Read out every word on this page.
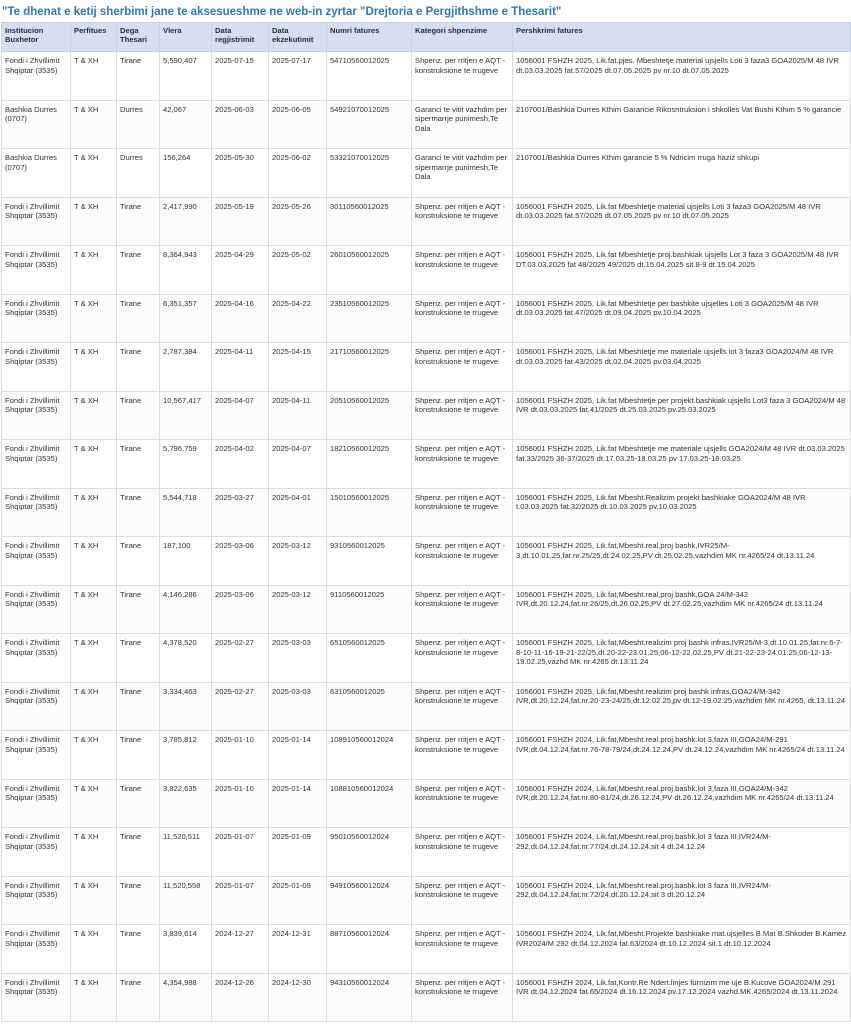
"Te dhenat e ketij sherbimi jane te aksesueshme ne web-in zyrtar "Drejtoria e Pergjithshme e Thesarit"
Institucion Buxhetor	Perfitues	Dega Thesari	Vlera	Data regjistrimit	Data ekzekutimit	Numri fatures	Kategori shpenzime	Pershkrimi fatures
Fondi i Zhvillimit Shqiptar (3535)	T & XH	Tirane	5,590,407	2025-07-15	2025-07-17	54710560012025	Shpenz. per rritjen e AQT - konstruksione te rrugeve	1056001 FSHZH 2025, Lik.fat.pjes. Mbeshtetje material ujsjells Loti 3 faza3 GOA2025/M 48 IVR dt.03.03.2025 fat.57/2025 dt.07.05.2025 pv nr.10 dt.07.05.2025
Bashkia Durres (0707)	T & XH	Durres	42,067	2025-06-03	2025-06-05	54921070012025	Garanci te vitit vazhdim per sipermarrje punimesh,Te Dala	2107001/Bashkia Durres Kthim Garancie Rikosntruksion i shkolles Vat Bushi Kthim 5 % garancie
Bashkia Durres (0707)	T & XH	Durres	156,264	2025-05-30	2025-06-02	53321070012025	Garanci te vitit vazhdim per sipermarrje punimesh,Te Dala	2107001/Bashkia Durres Kthim garancie 5 % Ndricim rruga haziz shkupi
Fondi i Zhvillimit Shqiptar (3535)	T & XH	Tirane	2,417,990	2025-05-19	2025-05-26	30110560012025	Shpenz. per rritjen e AQT - konstruksione te rrugeve	1056001 FSHZH 2025, Lik.fat Mbeshtetje material ujsjells Loti 3 faza3 GOA2025/M 48 IVR dt.03.03.2025 fat.57/2025 dt.07.05.2025 pv nr.10 dt.07.05.2025
Fondi i Zhvillimit Shqiptar (3535)	T & XH	Tirane	8,364,943	2025-04-29	2025-05-02	26010560012025	Shpenz. per rritjen e AQT - konstruksione te rrugeve	1056001 FSHZH 2025, Lik.fat Mbeshtetje proj.bashkiak ujsjells Lot 3 faza 3 GOA2025/M 48 IVR DT.03.03.2025 fat 48/2025 49/2025 dt.15.04.2025 sit.8-9 dt.15.04.2025
Fondi i Zhvillimit Shqiptar (3535)	T & XH	Tirane	6,351,357	2025-04-16	2025-04-22	23510560012025	Shpenz. per rritjen e AQT - konstruksione te rrugeve	1056001 FSHZH 2025, Lik.fat Mbeshtetje per bashkite ujsjelles Loti 3 GOA2025/M 48 IVR dt.03.03.2025 fat.47/2025 dt.09.04.2025 pv.10.04.2025
Fondi i Zhvillimit Shqiptar (3535)	T & XH	Tirane	2,787,384	2025-04-11	2025-04-15	21710560012025	Shpenz. per rritjen e AQT - konstruksione te rrugeve	1056001 FSHZH 2025, Lik.fat Mbeshtetje me materiale ujsjells lot 3 faza3 GOA2024/M 48 IVR dt.03.03.2025 fat.43/2025 dt.02.04.2025 pv.03.04.2025
Fondi i Zhvillimit Shqiptar (3535)	T & XH	Tirane	10,567,417	2025-04-07	2025-04-11	20510560012025	Shpenz. per rritjen e AQT - konstruksione te rrugeve	1056001 FSHZH 2025, Lik.fat Mbeshtetje per projekt.bashkiak ujsjells Lot3 faza 3 GOA2024/M 48 IVR dt.03.03.2025 fat.41/2025 dt.25.03.2025 pv.25.03.2025
Fondi i Zhvillimit Shqiptar (3535)	T & XH	Tirane	5,796,759	2025-04-02	2025-04-07	18210560012025	Shpenz. per rritjen e AQT - konstruksione te rrugeve	1056001 FSHZH 2025, Lik.fat Mbeshtetje me materiale ujsjells GOA2024/M 48 IVR dt.03.03.2025 fat.33/2025 36-37/2025 dt.17.03.25-18.03.25 pv 17.03.25-18.03.25
Fondi i Zhvillimit Shqiptar (3535)	T & XH	Tirane	5,544,718	2025-03-27	2025-04-01	15010560012025	Shpenz. per rritjen e AQT - konstruksione te rrugeve	1056001 FSHZH 2025, Lik.fat Mbesht.Realizim projekt bashkiake GOA2024/M 48 IVR t.03.03.2025 fat.32/2025 dt.10.03.2025 pv.10.03.2025
Fondi i Zhvillimit Shqiptar (3535)	T & XH	Tirane	187,100	2025-03-06	2025-03-12	9310560012025	Shpenz. per rritjen e AQT - konstruksione te rrugeve	1056001 FSHZH 2025, Lik.fat,Mbesht.real,proj bashk,IVR25/M-3,dt.10.01.25,fat.nr.25/25,dt.24.02.25,PV dt.25.02.25,vazhdim MK nr.4265/24 dt.13.11.24
Fondi i Zhvillimit Shqiptar (3535)	T & XH	Tirane	4,146,286	2025-03-06	2025-03-12	9110560012025	Shpenz. per rritjen e AQT - konstruksione te rrugeve	1056001 FSHZH 2025, Lik.fat,Mbesht.real,proj bashk,GOA 24/M-342 IVR,dt.20.12.24,fat.nr.26/25,dt.26.02.25,PV dt.27.02.25,vazhdim MK nr.4265/24 dt.13.11.24
Fondi i Zhvillimit Shqiptar (3535)	T & XH	Tirane	4,378,520	2025-02-27	2025-03-03	6510560012025	Shpenz. per rritjen e AQT - konstruksione te rrugeve	1056001 FSHZH 2025, Lik.fat,Mbesht.realizim proj bashk infras,IVR25/M-3,dt.10.01.25,fat.nr.6-7-8-10-11-16-19-21-22/25,dt.20-22-23.01.25,06-12-22.02.25,PV dt.21-22-23-24.01.25,06-12-13-19.02.25,vazhd MK nr.4265 dt.13.11.24
Fondi i Zhvillimit Shqiptar (3535)	T & XH	Tirane	3,334,463	2025-02-27	2025-03-03	6310560012025	Shpenz. per rritjen e AQT - konstruksione te rrugeve	1056001 FSHZH 2025, Lik.fat,Mbesht.realizim proj bashk infras,GOA24/M-342 IVR,dt.20.12.24,fat.nr.20-23-24/25,dt.12.02.25,pv dt.12-19.02.25,vazhdim MK nr.4265, dt.13.11.24
Fondi i Zhvillimit Shqiptar (3535)	T & XH	Tirane	3,785,812	2025-01-10	2025-01-14	108910560012024	Shpenz. per rritjen e AQT - konstruksione te rrugeve	1056001 FSHZH 2024, Lik.fat,Mbesht.real.proj.bashk.lot 3,faza III,GOA24/M-291 IVR,dt.04.12.24,fat.nr.76-78-79/24,dt.24.12.24,PV dt.24.12.24,vazhdim MK nr.4265/24 dt.13.11.24
Fondi i Zhvillimit Shqiptar (3535)	T & XH	Tirane	3,822,635	2025-01-10	2025-01-14	108810560012024	Shpenz. per rritjen e AQT - konstruksione te rrugeve	1056001 FSHZH 2024, Lik.fat,Mbesht.real.proj.bashk.lot 3,faza III,GOA24/M-342 IVR,dt.20.12.24,fat.nr.80-81/24,dt.26.12.24,PV dt.26.12.24,vazhdim MK nr.4265/24 dt.13.11.24
Fondi i Zhvillimit Shqiptar (3535)	T & XH	Tirane	11,520,511	2025-01-07	2025-01-09	95010560012024	Shpenz. per rritjen e AQT - konstruksione te rrugeve	1056001 FSHZH 2024, Lik.fat,Mbesht.real.proj.bashk.lot 3 faza III,IVR24/M-292,dt.04.12.24,fat.nr.77/24,dt.24.12.24,sit 4 dt.24.12.24
Fondi i Zhvillimit Shqiptar (3535)	T & XH	Tirane	11,520,558	2025-01-07	2025-01-09	94910560012024	Shpenz. per rritjen e AQT - konstruksione te rrugeve	1056001 FSHZH 2024, Lik.fat,Mbesht.real.proj.bashk.lot 3 faza III,IVR24/M-292,dt.04.12.24,fat.nr.72/24,dt.20.12.24,sit 3 dt.20.12.24
Fondi i Zhvillimit Shqiptar (3535)	T & XH	Tirane	3,839,614	2024-12-27	2024-12-31	88710560012024	Shpenz. per rritjen e AQT - konstruksione te rrugeve	1056001 FSHZH 2024, Lik.fat,Mbesht.Projekte bashkiake mat.ujsjelles B.Mat B.Shkoder B.Kamez IVR2024/M 292 dt.04.12.2024 fat.63/2024 dt.10.12.2024 sit.1 dt.10.12.2024
Fondi i Zhvillimit Shqiptar (3535)	T & XH	Tirane	4,354,988	2024-12-26	2024-12-30	94310560012024	Shpenz. per rritjen e AQT - konstruksione te rrugeve	1056001 FSHZH 2024, Lik.fat,Kontr.Re Ndert.linjes furnizim me uje B.Kucove GOA2024/M 291 IVR dt.04.12.2024 fat.65/2024 dt.16.12.2024 pv.17.12.2024 vazhd.MK.4265/2024 dt.13.11.2024
